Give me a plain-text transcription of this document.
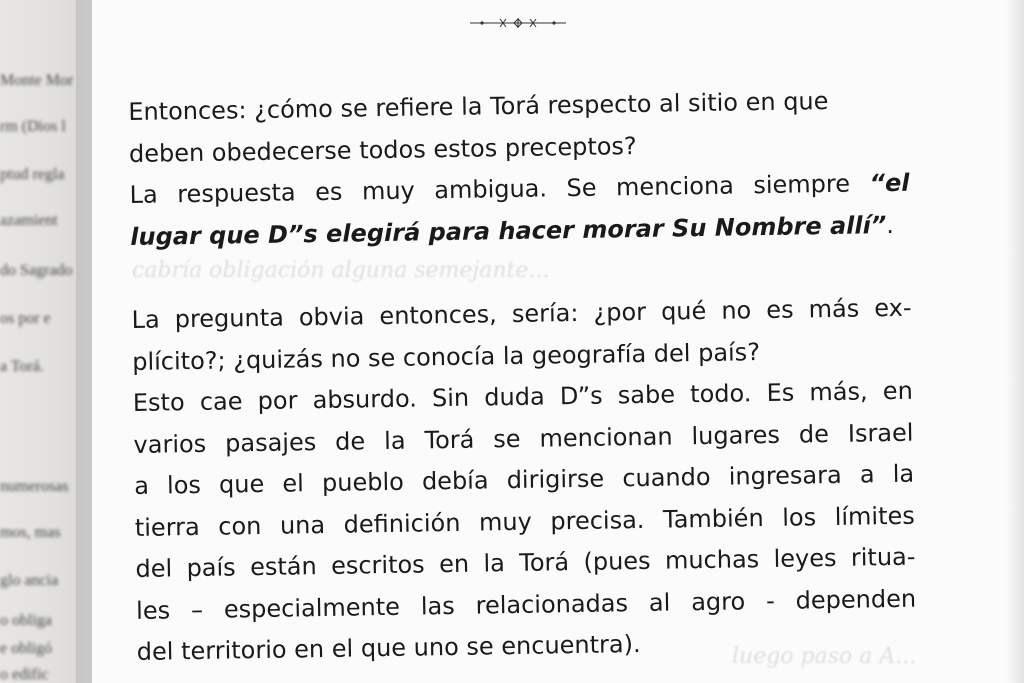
Monte Mor
rm (Dios l
ptud regla
azamient
do Sagrado
os por e
a Torá.
numerosas
mos, mas
glo ancia
o obliga
e obligó
o edific
cabría obligación alguna semejante...
luego paso a A...
Entonces: ¿cómo se refiere la Torá respecto al sitio en que
deben obedecerse todos estos preceptos?
La respuesta es muy ambigua. Se menciona siempre “el
lugar que D”s elegirá para hacer morar Su Nombre allí”.
La pregunta obvia entonces, sería: ¿por qué no es más ex-
plícito?; ¿quizás no se conocía la geografía del país?
Esto cae por absurdo. Sin duda D”s sabe todo. Es más, en
varios pasajes de la Torá se mencionan lugares de Israel
a los que el pueblo debía dirigirse cuando ingresara a la
tierra con una definición muy precisa. También los límites
del país están escritos en la Torá (pues muchas leyes ritua-
les – especialmente las relacionadas al agro - dependen
del territorio en el que uno se encuentra).
